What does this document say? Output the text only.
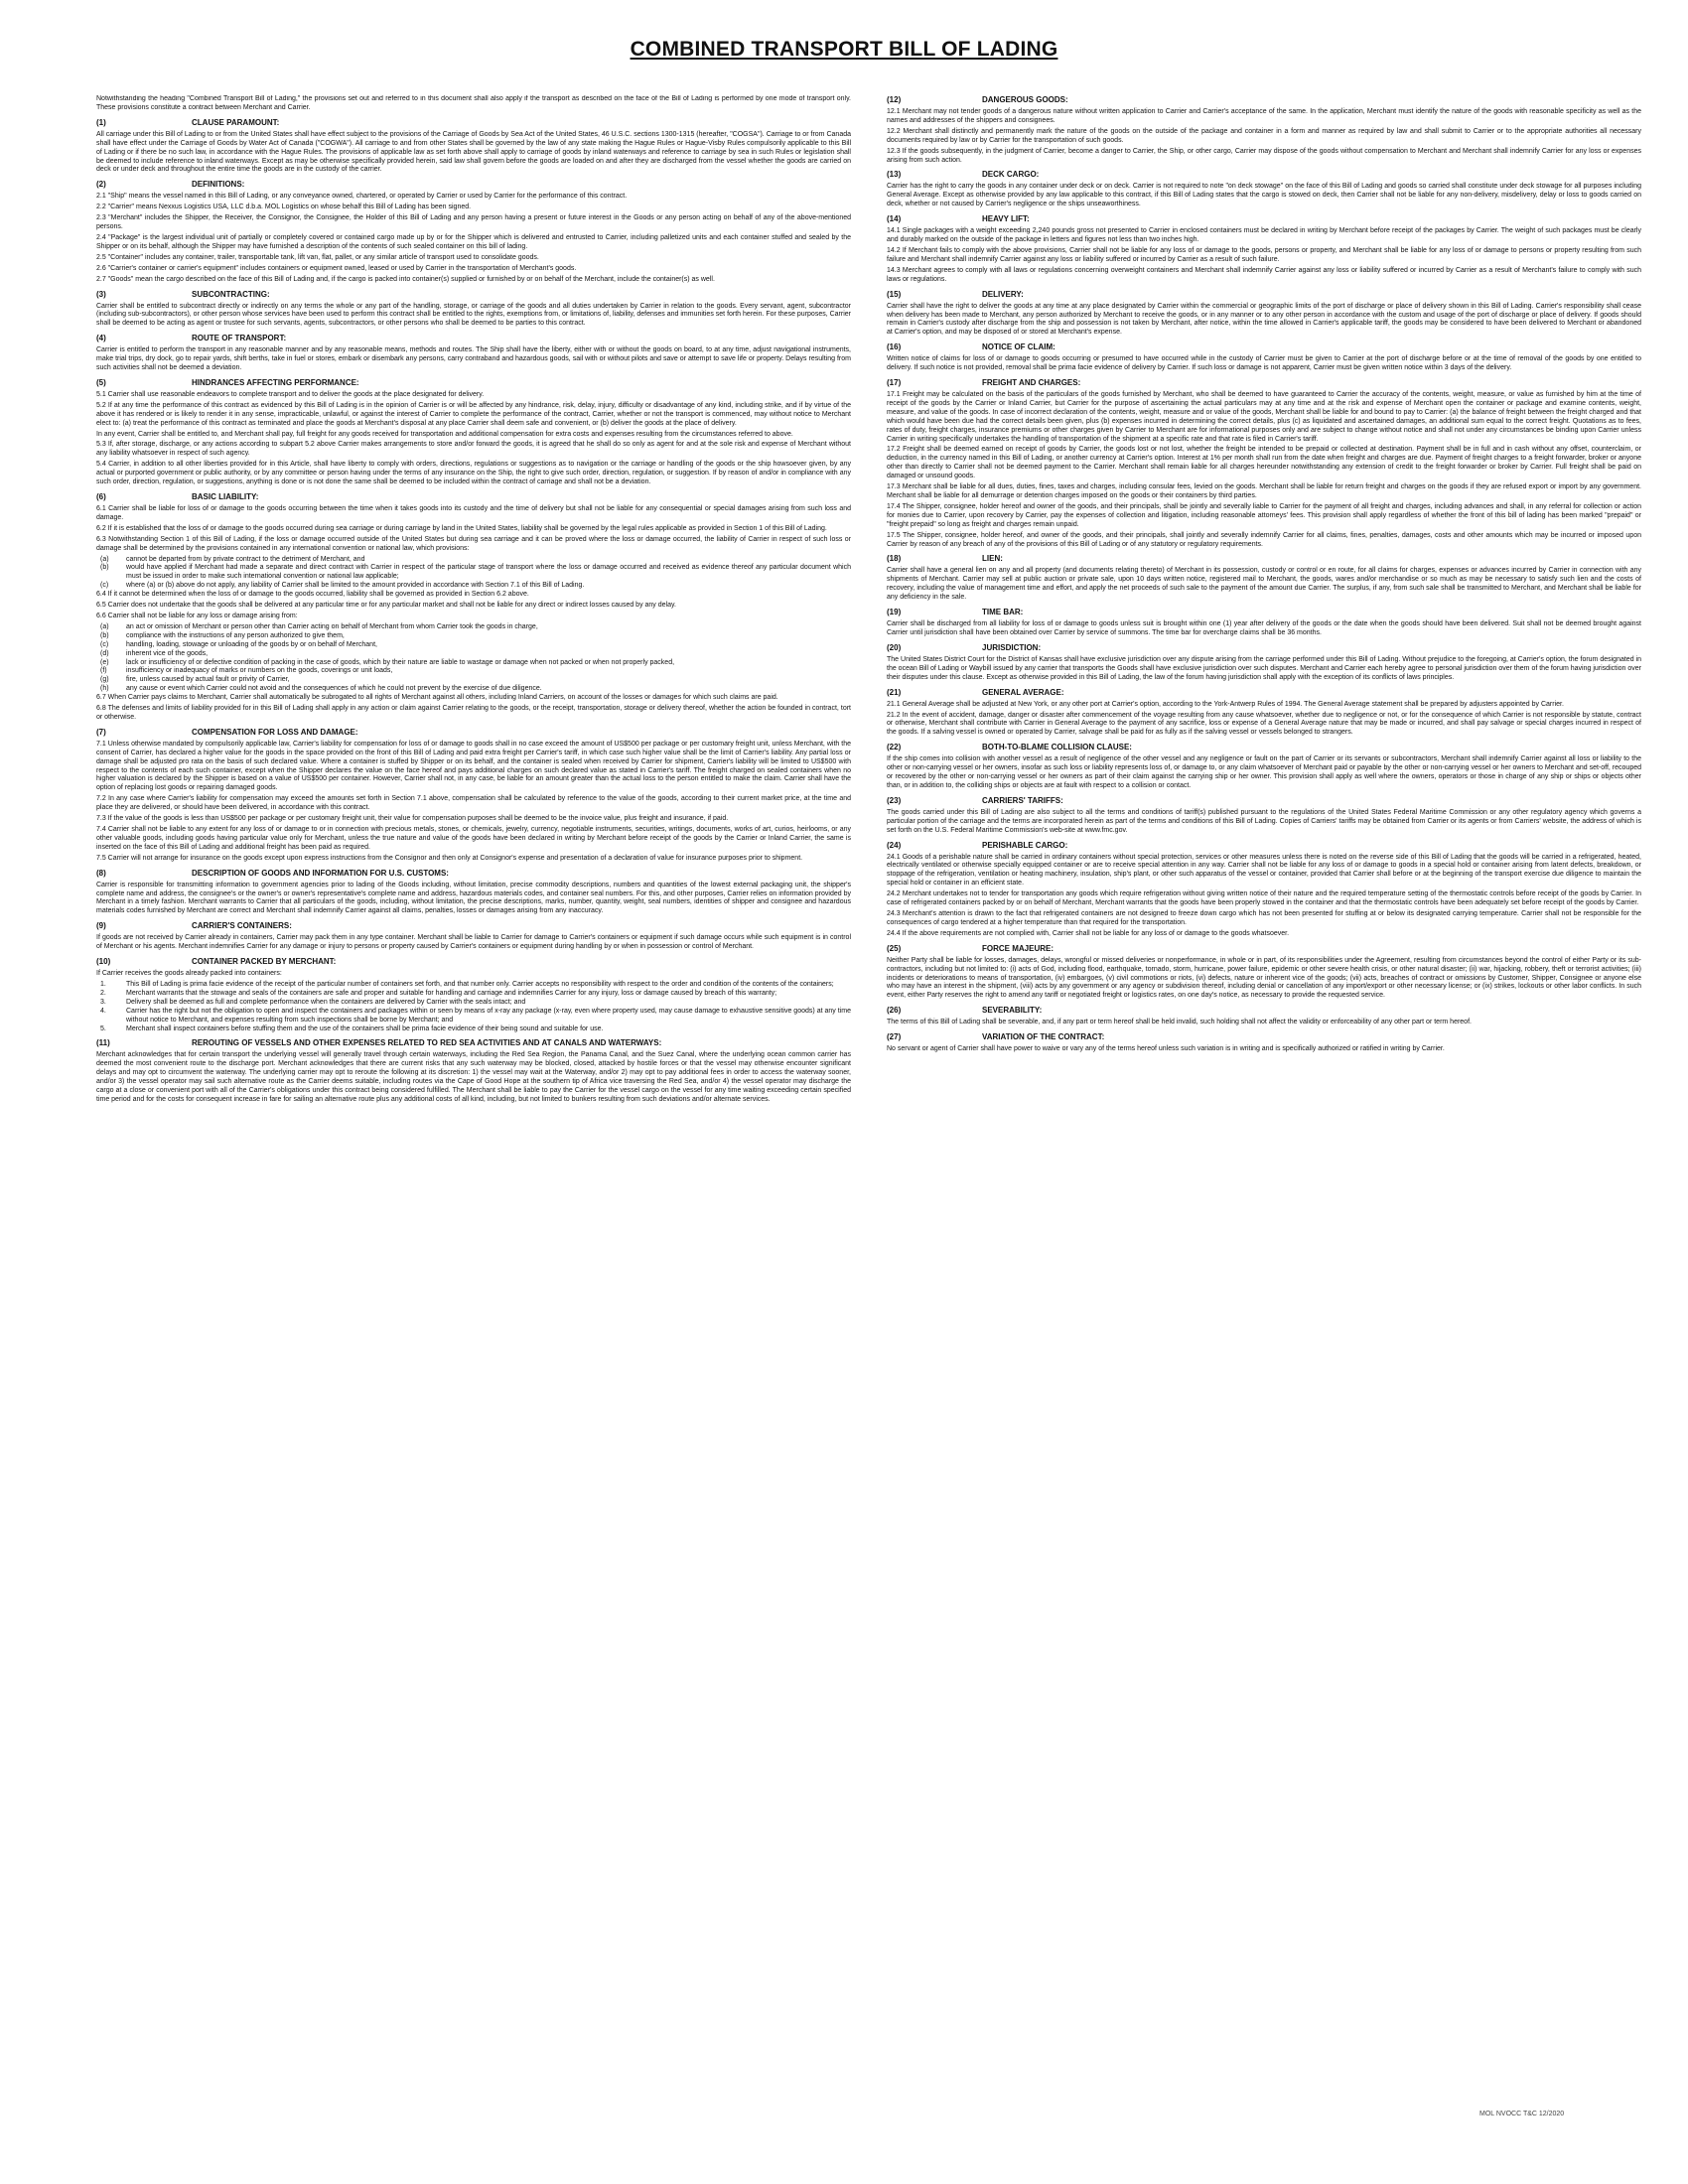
COMBINED TRANSPORT BILL OF LADING

Notwithstanding the heading "Combined Transport Bill of Lading," the provisions set out and referred to in this document shall also apply if the transport as described on the face of the Bill of Lading is performed by one mode of transport only. These provisions constitute a contract between Merchant and Carrier.

(1)	CLAUSE PARAMOUNT:

All carriage under this Bill of Lading to or from the United States shall have effect subject to the provisions of the Carriage of Goods by Sea Act of the United States, 46 U.S.C. sections 1300-1315 (hereafter, "COGSA"). Carriage to or from Canada shall have effect under the Carriage of Goods by Water Act of Canada ("COGWA"). All carriage to and from other States shall be governed by the law of any state making the Hague Rules or Hague-Visby Rules compulsorily applicable to this Bill of Lading or if there be no such law, in accordance with the Hague Rules. The provisions of applicable law as set forth above shall apply to carriage of goods by inland waterways and reference to carriage by sea in such Rules or legislation shall be deemed to include reference to inland waterways. Except as may be otherwise specifically provided herein, said law shall govern before the goods are loaded on and after they are discharged from the vessel whether the goods are carried on deck or under deck and throughout the entire time the goods are in the custody of the carrier.

(2)	DEFINITIONS:

2.1 "Ship" means the vessel named in this Bill of Lading, or any conveyance owned, chartered, or operated by Carrier or used by Carrier for the performance of this contract.

2.2 "Carrier" means Nexxus Logistics USA, LLC d.b.a. MOL Logistics on whose behalf this Bill of Lading has been signed.

2.3 "Merchant" includes the Shipper, the Receiver, the Consignor, the Consignee, the Holder of this Bill of Lading and any person having a present or future interest in the Goods or any person acting on behalf of any of the above-mentioned persons.

2.4 "Package" is the largest individual unit of partially or completely covered or contained cargo made up by or for the Shipper which is delivered and entrusted to Carrier, including palletized units and each container stuffed and sealed by the Shipper or on its behalf, although the Shipper may have furnished a description of the contents of such sealed container on this bill of lading.

2.5 "Container" includes any container, trailer, transportable tank, lift van, flat, pallet, or any similar article of transport used to consolidate goods.

2.6 "Carrier's container or carrier's equipment" includes containers or equipment owned, leased or used by Carrier in the transportation of Merchant's goods.

2.7 "Goods" mean the cargo described on the face of this Bill of Lading and, if the cargo is packed into container(s) supplied or furnished by or on behalf of the Merchant, include the container(s) as well.

(3)	SUBCONTRACTING:

Carrier shall be entitled to subcontract directly or indirectly on any terms the whole or any part of the handling, storage, or carriage of the goods and all duties undertaken by Carrier in relation to the goods. Every servant, agent, subcontractor (including sub-subcontractors), or other person whose services have been used to perform this contract shall be entitled to the rights, exemptions from, or limitations of, liability, defenses and immunities set forth herein. For these purposes, Carrier shall be deemed to be acting as agent or trustee for such servants, agents, subcontractors, or other persons who shall be deemed to be parties to this contract.

(4)	ROUTE OF TRANSPORT:

Carrier is entitled to perform the transport in any reasonable manner and by any reasonable means, methods and routes. The Ship shall have the liberty, either with or without the goods on board, to at any time, adjust navigational instruments, make trial trips, dry dock, go to repair yards, shift berths, take in fuel or stores, embark or disembark any persons, carry contraband and hazardous goods, sail with or without pilots and save or attempt to save life or property. Delays resulting from such activities shall not be deemed a deviation.

(5)	HINDRANCES AFFECTING PERFORMANCE:

5.1 Carrier shall use reasonable endeavors to complete transport and to deliver the goods at the place designated for delivery.

5.2 If at any time the performance of this contract as evidenced by this Bill of Lading is in the opinion of Carrier is or will be affected by any hindrance, risk, delay, injury, difficulty or disadvantage of any kind, including strike, and if by virtue of the above it has rendered or is likely to render it in any sense, impracticable, unlawful, or against the interest of Carrier to complete the performance of the contract, Carrier, whether or not the transport is commenced, may without notice to Merchant elect to: (a) treat the performance of this contract as terminated and place the goods at Merchant's disposal at any place Carrier shall deem safe and convenient, or (b) deliver the goods at the place of delivery.

In any event, Carrier shall be entitled to, and Merchant shall pay, full freight for any goods received for transportation and additional compensation for extra costs and expenses resulting from the circumstances referred to above.

5.3 If, after storage, discharge, or any actions according to subpart 5.2 above Carrier makes arrangements to store and/or forward the goods, it is agreed that he shall do so only as agent for and at the sole risk and expense of Merchant without any liability whatsoever in respect of such agency.

5.4 Carrier, in addition to all other liberties provided for in this Article, shall have liberty to comply with orders, directions, regulations or suggestions as to navigation or the carriage or handling of the goods or the ship howsoever given, by any actual or purported government or public authority, or by any committee or person having under the terms of any insurance on the Ship, the right to give such order, direction, regulation, or suggestion. If by reason of and/or in compliance with any such order, direction, regulation, or suggestions, anything is done or is not done the same shall be deemed to be included within the contract of carriage and shall not be a deviation.

(6)	BASIC LIABILITY:

6.1 Carrier shall be liable for loss of or damage to the goods occurring between the time when it takes goods into its custody and the time of delivery but shall not be liable for any consequential or special damages arising from such loss and damage.

6.2 If it is established that the loss of or damage to the goods occurred during sea carriage or during carriage by land in the United States, liability shall be governed by the legal rules applicable as provided in Section 1 of this Bill of Lading.

6.3 Notwithstanding Section 1 of this Bill of Lading, if the loss or damage occurred outside of the United States but during sea carriage and it can be proved where the loss or damage occurred, the liability of Carrier in respect of such loss or damage shall be determined by the provisions contained in any international convention or national law, which provisions:

(a)	cannot be departed from by private contract to the detriment of Merchant, and
(b)	would have applied if Merchant had made a separate and direct contract with Carrier in respect of the particular stage of transport where the loss or damage occurred and received as evidence thereof any particular document which must be issued in order to make such international convention or national law applicable;
(c)	where (a) or (b) above do not apply, any liability of Carrier shall be limited to the amount provided in accordance with Section 7.1 of this Bill of Lading.

6.4 If it cannot be determined when the loss of or damage to the goods occurred, liability shall be governed as provided in Section 6.2 above.

6.5 Carrier does not undertake that the goods shall be delivered at any particular time or for any particular market and shall not be liable for any direct or indirect losses caused by any delay.

6.6 Carrier shall not be liable for any loss or damage arising from:

(a)	an act or omission of Merchant or person other than Carrier acting on behalf of Merchant from whom Carrier took the goods in charge,
(b)	compliance with the instructions of any person authorized to give them,
(c)	handling, loading, stowage or unloading of the goods by or on behalf of Merchant,
(d)	inherent vice of the goods,
(e)	lack or insufficiency of or defective condition of packing in the case of goods, which by their nature are liable to wastage or damage when not packed or when not properly packed,
(f)	insufficiency or inadequacy of marks or numbers on the goods, coverings or unit loads,
(g)	fire, unless caused by actual fault or privity of Carrier,
(h)	any cause or event which Carrier could not avoid and the consequences of which he could not prevent by the exercise of due diligence.

6.7 When Carrier pays claims to Merchant, Carrier shall automatically be subrogated to all rights of Merchant against all others, including Inland Carriers, on account of the losses or damages for which such claims are paid.

6.8 The defenses and limits of liability provided for in this Bill of Lading shall apply in any action or claim against Carrier relating to the goods, or the receipt, transportation, storage or delivery thereof, whether the action be founded in contract, tort or otherwise.

(7)	COMPENSATION FOR LOSS AND DAMAGE:

7.1 Unless otherwise mandated by compulsorily applicable law, Carrier's liability for compensation for loss of or damage to goods shall in no case exceed the amount of US$500 per package or per customary freight unit, unless Merchant, with the consent of Carrier, has declared a higher value for the goods in the space provided on the front of this Bill of Lading and paid extra freight per Carrier's tariff, in which case such higher value shall be the limit of Carrier's liability. Any partial loss or damage shall be adjusted pro rata on the basis of such declared value. Where a container is stuffed by Shipper or on its behalf, and the container is sealed when received by Carrier for shipment, Carrier's liability will be limited to US$500 with respect to the contents of each such container, except when the Shipper declares the value on the face hereof and pays additional charges on such declared value as stated in Carrier's tariff. The freight charged on sealed containers when no higher valuation is declared by the Shipper is based on a value of US$500 per container. However, Carrier shall not, in any case, be liable for an amount greater than the actual loss to the person entitled to make the claim. Carrier shall have the option of replacing lost goods or repairing damaged goods.

7.2 In any case where Carrier's liability for compensation may exceed the amounts set forth in Section 7.1 above, compensation shall be calculated by reference to the value of the goods, according to their current market price, at the time and place they are delivered, or should have been delivered, in accordance with this contract.

7.3 If the value of the goods is less than US$500 per package or per customary freight unit, their value for compensation purposes shall be deemed to be the invoice value, plus freight and insurance, if paid.

7.4 Carrier shall not be liable to any extent for any loss of or damage to or in connection with precious metals, stones, or chemicals, jewelry, currency, negotiable instruments, securities, writings, documents, works of art, curios, heirlooms, or any other valuable goods, including goods having particular value only for Merchant, unless the true nature and value of the goods have been declared in writing by Merchant before receipt of the goods by the Carrier or Inland Carrier, the same is inserted on the face of this Bill of Lading and additional freight has been paid as required.

7.5 Carrier will not arrange for insurance on the goods except upon express instructions from the Consignor and then only at Consignor's expense and presentation of a declaration of value for insurance purposes prior to shipment.

(8)	DESCRIPTION OF GOODS AND INFORMATION FOR U.S. CUSTOMS:

Carrier is responsible for transmitting information to government agencies prior to lading of the Goods including, without limitation, precise commodity descriptions, numbers and quantities of the lowest external packaging unit, the shipper's complete name and address, the consignee's or the owner's or owner's representative's complete name and address, hazardous materials codes, and container seal numbers. For this, and other purposes, Carrier relies on information provided by Merchant in a timely fashion. Merchant warrants to Carrier that all particulars of the goods, including, without limitation, the precise descriptions, marks, number, quantity, weight, seal numbers, identities of shipper and consignee and hazardous materials codes furnished by Merchant are correct and Merchant shall indemnify Carrier against all claims, penalties, losses or damages arising from any inaccuracy.

(9)	CARRIER'S CONTAINERS:

If goods are not received by Carrier already in containers, Carrier may pack them in any type container. Merchant shall be liable to Carrier for damage to Carrier's containers or equipment if such damage occurs while such equipment is in control of Merchant or his agents. Merchant indemnifies Carrier for any damage or injury to persons or property caused by Carrier's containers or equipment during handling by or when in possession or control of Merchant.

(10)	CONTAINER PACKED BY MERCHANT:

If Carrier receives the goods already packed into containers:

1.	This Bill of Lading is prima facie evidence of the receipt of the particular number of containers set forth, and that number only. Carrier accepts no responsibility with respect to the order and condition of the contents of the containers;
2.	Merchant warrants that the stowage and seals of the containers are safe and proper and suitable for handling and carriage and indemnifies Carrier for any injury, loss or damage caused by breach of this warranty;
3.	Delivery shall be deemed as full and complete performance when the containers are delivered by Carrier with the seals intact; and
4.	Carrier has the right but not the obligation to open and inspect the containers and packages within or seen by means of x-ray any package (x-ray, even where property used, may cause damage to exhaustive sensitive goods) at any time without notice to Merchant, and expenses resulting from such inspections shall be borne by Merchant; and
5.	Merchant shall inspect containers before stuffing them and the use of the containers shall be prima facie evidence of their being sound and suitable for use.
(11)	REROUTING OF VESSELS AND OTHER EXPENSES RELATED TO RED SEA ACTIVITIES AND AT CANALS AND WATERWAYS:

Merchant acknowledges that for certain transport the underlying vessel will generally travel through certain waterways, including the Red Sea Region, the Panama Canal, and the Suez Canal, where the underlying ocean common carrier has deemed the most convenient route to the discharge port. Merchant acknowledges that there are current risks that any such waterway may be blocked, closed, attacked by hostile forces or that the vessel may otherwise encounter significant delays and may opt to circumvent the waterway. The underlying carrier may opt to reroute the following at its discretion: 1) the vessel may wait at the Waterway, and/or 2) may opt to pay additional fees in order to access the waterway sooner, and/or 3) the vessel operator may sail such alternative route as the Carrier deems suitable, including routes via the Cape of Good Hope at the southern tip of Africa vice traversing the Red Sea, and/or 4) the vessel operator may discharge the cargo at a close or convenient port with all of the Carrier's obligations under this contract being considered fulfilled. The Merchant shall be liable to pay the Carrier for the vessel cargo on the vessel for any time waiting exceeding certain specified time period and for the costs for consequent increase in fare for sailing an alternative route plus any additional costs of all kind, including, but not limited to bunkers resulting from such deviations and/or alternate services.

(12)	DANGEROUS GOODS:

12.1 Merchant may not tender goods of a dangerous nature without written application to Carrier and Carrier's acceptance of the same. In the application, Merchant must identify the nature of the goods with reasonable specificity as well as the names and addresses of the shippers and consignees.

12.2 Merchant shall distinctly and permanently mark the nature of the goods on the outside of the package and container in a form and manner as required by law and shall submit to Carrier or to the appropriate authorities all necessary documents required by law or by Carrier for the transportation of such goods.

12.3 If the goods subsequently, in the judgment of Carrier, become a danger to Carrier, the Ship, or other cargo, Carrier may dispose of the goods without compensation to Merchant and Merchant shall indemnify Carrier for any loss or expenses arising from such action.

(13)	DECK CARGO:

Carrier has the right to carry the goods in any container under deck or on deck. Carrier is not required to note "on deck stowage" on the face of this Bill of Lading and goods so carried shall constitute under deck stowage for all purposes including General Average. Except as otherwise provided by any law applicable to this contract, if this Bill of Lading states that the cargo is stowed on deck, then Carrier shall not be liable for any non-delivery, misdelivery, delay or loss to goods carried on deck, whether or not caused by Carrier's negligence or the ships unseaworthiness.

(14)	HEAVY LIFT:

14.1 Single packages with a weight exceeding 2,240 pounds gross not presented to Carrier in enclosed containers must be declared in writing by Merchant before receipt of the packages by Carrier. The weight of such packages must be clearly and durably marked on the outside of the package in letters and figures not less than two inches high.

14.2 If Merchant fails to comply with the above provisions, Carrier shall not be liable for any loss of or damage to the goods, persons or property, and Merchant shall be liable for any loss of or damage to persons or property resulting from such failure and Merchant shall indemnify Carrier against any loss or liability suffered or incurred by Carrier as a result of such failure.

14.3 Merchant agrees to comply with all laws or regulations concerning overweight containers and Merchant shall indemnify Carrier against any loss or liability suffered or incurred by Carrier as a result of Merchant's failure to comply with such laws or regulations.

(15)	DELIVERY:

Carrier shall have the right to deliver the goods at any time at any place designated by Carrier within the commercial or geographic limits of the port of discharge or place of delivery shown in this Bill of Lading. Carrier's responsibility shall cease when delivery has been made to Merchant, any person authorized by Merchant to receive the goods, or in any manner or to any other person in accordance with the custom and usage of the port of discharge or place of delivery. If goods should remain in Carrier's custody after discharge from the ship and possession is not taken by Merchant, after notice, within the time allowed in Carrier's applicable tariff, the goods may be considered to have been delivered to Merchant or abandoned at Carrier's option, and may be disposed of or stored at Merchant's expense.

(16)	NOTICE OF CLAIM:

Written notice of claims for loss of or damage to goods occurring or presumed to have occurred while in the custody of Carrier must be given to Carrier at the port of discharge before or at the time of removal of the goods by one entitled to delivery. If such notice is not provided, removal shall be prima facie evidence of delivery by Carrier. If such loss or damage is not apparent, Carrier must be given written notice within 3 days of the delivery.

(17)	FREIGHT AND CHARGES:

17.1 Freight may be calculated on the basis of the particulars of the goods furnished by Merchant, who shall be deemed to have guaranteed to Carrier the accuracy of the contents, weight, measure, or value as furnished by him at the time of receipt of the goods by the Carrier or Inland Carrier, but Carrier for the purpose of ascertaining the actual particulars may at any time and at the risk and expense of Merchant open the container or package and examine contents, weight, measure, and value of the goods. In case of incorrect declaration of the contents, weight, measure and or value of the goods, Merchant shall be liable for and bound to pay to Carrier: (a) the balance of freight between the freight charged and that which would have been due had the correct details been given, plus (b) expenses incurred in determining the correct details, plus (c) as liquidated and ascertained damages, an additional sum equal to the correct freight. Quotations as to fees, rates of duty, freight charges, insurance premiums or other charges given by Carrier to Merchant are for informational purposes only and are subject to change without notice and shall not under any circumstances be binding upon Carrier unless Carrier in writing specifically undertakes the handling of transportation of the shipment at a specific rate and that rate is filed in Carrier's tariff.

17.2 Freight shall be deemed earned on receipt of goods by Carrier, the goods lost or not lost, whether the freight be intended to be prepaid or collected at destination. Payment shall be in full and in cash without any offset, counterclaim, or deduction, in the currency named in this Bill of Lading, or another currency at Carrier's option. Interest at 1% per month shall run from the date when freight and charges are due. Payment of freight charges to a freight forwarder, broker or anyone other than directly to Carrier shall not be deemed payment to the Carrier. Merchant shall remain liable for all charges hereunder notwithstanding any extension of credit to the freight forwarder or broker by Carrier. Full freight shall be paid on damaged or unsound goods.

17.3 Merchant shall be liable for all dues, duties, fines, taxes and charges, including consular fees, levied on the goods. Merchant shall be liable for return freight and charges on the goods if they are refused export or import by any government. Merchant shall be liable for all demurrage or detention charges imposed on the goods or their containers by third parties.

17.4 The Shipper, consignee, holder hereof and owner of the goods, and their principals, shall be jointly and severally liable to Carrier for the payment of all freight and charges, including advances and shall, in any referral for collection or action for monies due to Carrier, upon recovery by Carrier, pay the expenses of collection and litigation, including reasonable attorneys' fees. This provision shall apply regardless of whether the front of this bill of lading has been marked "prepaid" or "freight prepaid" so long as freight and charges remain unpaid.

17.5 The Shipper, consignee, holder hereof, and owner of the goods, and their principals, shall jointly and severally indemnify Carrier for all claims, fines, penalties, damages, costs and other amounts which may be incurred or imposed upon Carrier by reason of any breach of any of the provisions of this Bill of Lading or of any statutory or regulatory requirements.

(18)	LIEN:

Carrier shall have a general lien on any and all property (and documents relating thereto) of Merchant in its possession, custody or control or en route, for all claims for charges, expenses or advances incurred by Carrier in connection with any shipments of Merchant. Carrier may sell at public auction or private sale, upon 10 days written notice, registered mail to Merchant, the goods, wares and/or merchandise or so much as may be necessary to satisfy such lien and the costs of recovery, including the value of management time and effort, and apply the net proceeds of such sale to the payment of the amount due Carrier. The surplus, if any, from such sale shall be transmitted to Merchant, and Merchant shall be liable for any deficiency in the sale.

(19)	TIME BAR:

Carrier shall be discharged from all liability for loss of or damage to goods unless suit is brought within one (1) year after delivery of the goods or the date when the goods should have been delivered. Suit shall not be deemed brought against Carrier until jurisdiction shall have been obtained over Carrier by service of summons. The time bar for overcharge claims shall be 36 months.

(20)	JURISDICTION:

The United States District Court for the District of Kansas shall have exclusive jurisdiction over any dispute arising from the carriage performed under this Bill of Lading. Without prejudice to the foregoing, at Carrier's option, the forum designated in the ocean Bill of Lading or Waybill issued by any carrier that transports the Goods shall have exclusive jurisdiction over such disputes. Merchant and Carrier each hereby agree to personal jurisdiction over them of the forum having jurisdiction over their disputes under this clause. Except as otherwise provided in this Bill of Lading, the law of the forum having jurisdiction shall apply with the exception of its conflicts of laws principles.

(21)	GENERAL AVERAGE:

21.1 General Average shall be adjusted at New York, or any other port at Carrier's option, according to the York-Antwerp Rules of 1994. The General Average statement shall be prepared by adjusters appointed by Carrier.

21.2 In the event of accident, damage, danger or disaster after commencement of the voyage resulting from any cause whatsoever, whether due to negligence or not, or for the consequence of which Carrier is not responsible by statute, contract or otherwise, Merchant shall contribute with Carrier in General Average to the payment of any sacrifice, loss or expense of a General Average nature that may be made or incurred, and shall pay salvage or special charges incurred in respect of the goods. If a salving vessel is owned or operated by Carrier, salvage shall be paid for as fully as if the salving vessel or vessels belonged to strangers.

(22)	BOTH-TO-BLAME COLLISION CLAUSE:

If the ship comes into collision with another vessel as a result of negligence of the other vessel and any negligence or fault on the part of Carrier or its servants or subcontractors, Merchant shall indemnify Carrier against all loss or liability to the other or non-carrying vessel or her owners, insofar as such loss or liability represents loss of, or damage to, or any claim whatsoever of Merchant paid or payable by the other or non-carrying vessel or her owners to Merchant and set-off, recouped or recovered by the other or non-carrying vessel or her owners as part of their claim against the carrying ship or her owner. This provision shall apply as well where the owners, operators or those in charge of any ship or ships or objects other than, or in addition to, the colliding ships or objects are at fault with respect to a collision or contact.

(23)	CARRIERS' TARIFFS:

The goods carried under this Bill of Lading are also subject to all the terms and conditions of tariff(s) published pursuant to the regulations of the United States Federal Maritime Commission or any other regulatory agency which governs a particular portion of the carriage and the terms are incorporated herein as part of the terms and conditions of this Bill of Lading. Copies of Carriers' tariffs may be obtained from Carrier or its agents or from Carriers' website, the address of which is set forth on the U.S. Federal Maritime Commission's web-site at www.fmc.gov.

(24)	PERISHABLE CARGO:

24.1 Goods of a perishable nature shall be carried in ordinary containers without special protection, services or other measures unless there is noted on the reverse side of this Bill of Lading that the goods will be carried in a refrigerated, heated, electrically ventilated or otherwise specially equipped container or are to receive special attention in any way. Carrier shall not be liable for any loss of or damage to goods in a special hold or container arising from latent defects, breakdown, or stoppage of the refrigeration, ventilation or heating machinery, insulation, ship's plant, or other such apparatus of the vessel or container, provided that Carrier shall before or at the beginning of the transport exercise due diligence to maintain the special hold or container in an efficient state.

24.2 Merchant undertakes not to tender for transportation any goods which require refrigeration without giving written notice of their nature and the required temperature setting of the thermostatic controls before receipt of the goods by Carrier. In case of refrigerated containers packed by or on behalf of Merchant, Merchant warrants that the goods have been properly stowed in the container and that the thermostatic controls have been adequately set before receipt of the goods by Carrier.

24.3 Merchant's attention is drawn to the fact that refrigerated containers are not designed to freeze down cargo which has not been presented for stuffing at or below its designated carrying temperature. Carrier shall not be responsible for the consequences of cargo tendered at a higher temperature than that required for the transportation.

24.4 If the above requirements are not complied with, Carrier shall not be liable for any loss of or damage to the goods whatsoever.

(25)	FORCE MAJEURE:

Neither Party shall be liable for losses, damages, delays, wrongful or missed deliveries or nonperformance, in whole or in part, of its responsibilities under the Agreement, resulting from circumstances beyond the control of either Party or its sub-contractors, including but not limited to: (i) acts of God, including flood, earthquake, tornado, storm, hurricane, power failure, epidemic or other severe health crisis, or other natural disaster; (ii) war, hijacking, robbery, theft or terrorist activities; (iii) incidents or deteriorations to means of transportation, (iv) embargoes, (v) civil commotions or riots, (vi) defects, nature or inherent vice of the goods; (vii) acts, breaches of contract or omissions by Customer, Shipper, Consignee or anyone else who may have an interest in the shipment, (viii) acts by any government or any agency or subdivision thereof, including denial or cancellation of any import/export or other necessary license; or (ix) strikes, lockouts or other labor conflicts. In such event, either Party reserves the right to amend any tariff or negotiated freight or logistics rates, on one day's notice, as necessary to provide the requested service.

(26)	SEVERABILITY:

The terms of this Bill of Lading shall be severable, and, if any part or term hereof shall be held invalid, such holding shall not affect the validity or enforceability of any other part or term hereof.

(27)	VARIATION OF THE CONTRACT:

No servant or agent of Carrier shall have power to waive or vary any of the terms hereof unless such variation is in writing and is specifically authorized or ratified in writing by Carrier.

MOL NVOCC T&C 12/2020
